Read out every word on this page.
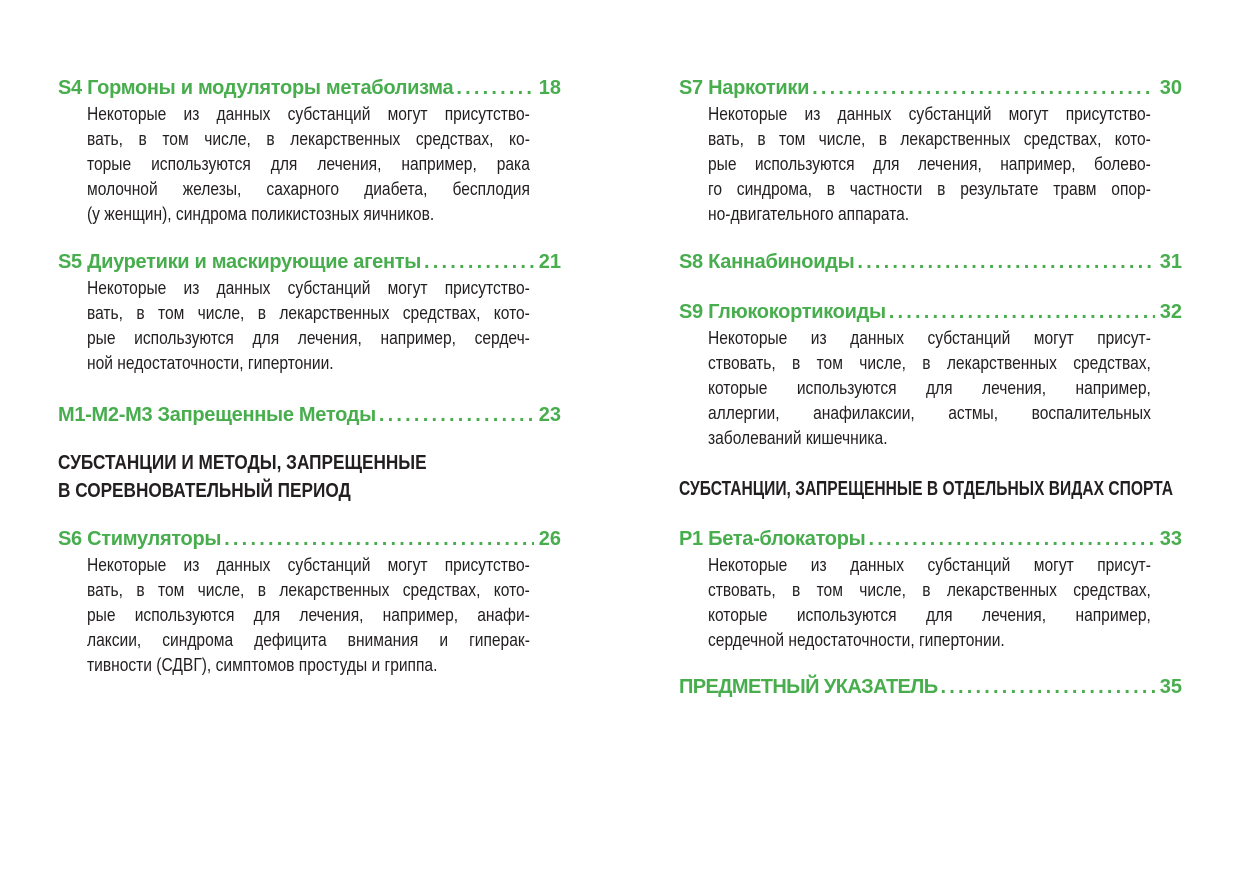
S4 Гормоны и модуляторы метаболизма .....	18
Некоторые из данных субстанций могут присутство-
вать, в том числе, в лекарственных средствах, ко-
торые используются для лечения, например, рака
молочной железы, сахарного диабета, бесплодия
(у женщин), синдрома поликистозных яичников.
S5 Диуретики и маскирующие агенты .....	21
Некоторые из данных субстанций могут присутство-
вать, в том числе, в лекарственных средствах, кото-
рые используются для лечения, например, сердеч-
ной недостаточности, гипертонии.
M1-M2-M3 Запрещенные Методы .....	23
СУБСТАНЦИИ И МЕТОДЫ, ЗАПРЕЩЕННЫЕ
В СОРЕВНОВАТЕЛЬНЫЙ ПЕРИОД
S6 Стимуляторы .....	26
Некоторые из данных субстанций могут присутство-
вать, в том числе, в лекарственных средствах, кото-
рые используются для лечения, например, анафи-
лаксии, синдрома дефицита внимания и гиперак-
тивности (СДВГ), симптомов простуды и гриппа.
S7 Наркотики .....	30
Некоторые из данных субстанций могут присутство-
вать, в том числе, в лекарственных средствах, кото-
рые используются для лечения, например, болево-
го синдрома, в частности в результате травм опор-
но-двигательного аппарата.
S8 Каннабиноиды .....	31
S9 Глюкокортикоиды .....	32
Некоторые из данных субстанций могут присут-
ствовать, в том числе, в лекарственных средствах,
которые используются для лечения, например,
аллергии, анафилаксии, астмы, воспалительных
заболеваний кишечника.
СУБСТАНЦИИ, ЗАПРЕЩЕННЫЕ В ОТДЕЛЬНЫХ ВИДАХ СПОРТА
P1 Бета-блокаторы .....	33
Некоторые из данных субстанций могут присут-
ствовать, в том числе, в лекарственных средствах,
которые используются для лечения, например,
сердечной недостаточности, гипертонии.
ПРЕДМЕТНЫЙ УКАЗАТЕЛЬ .....	35
